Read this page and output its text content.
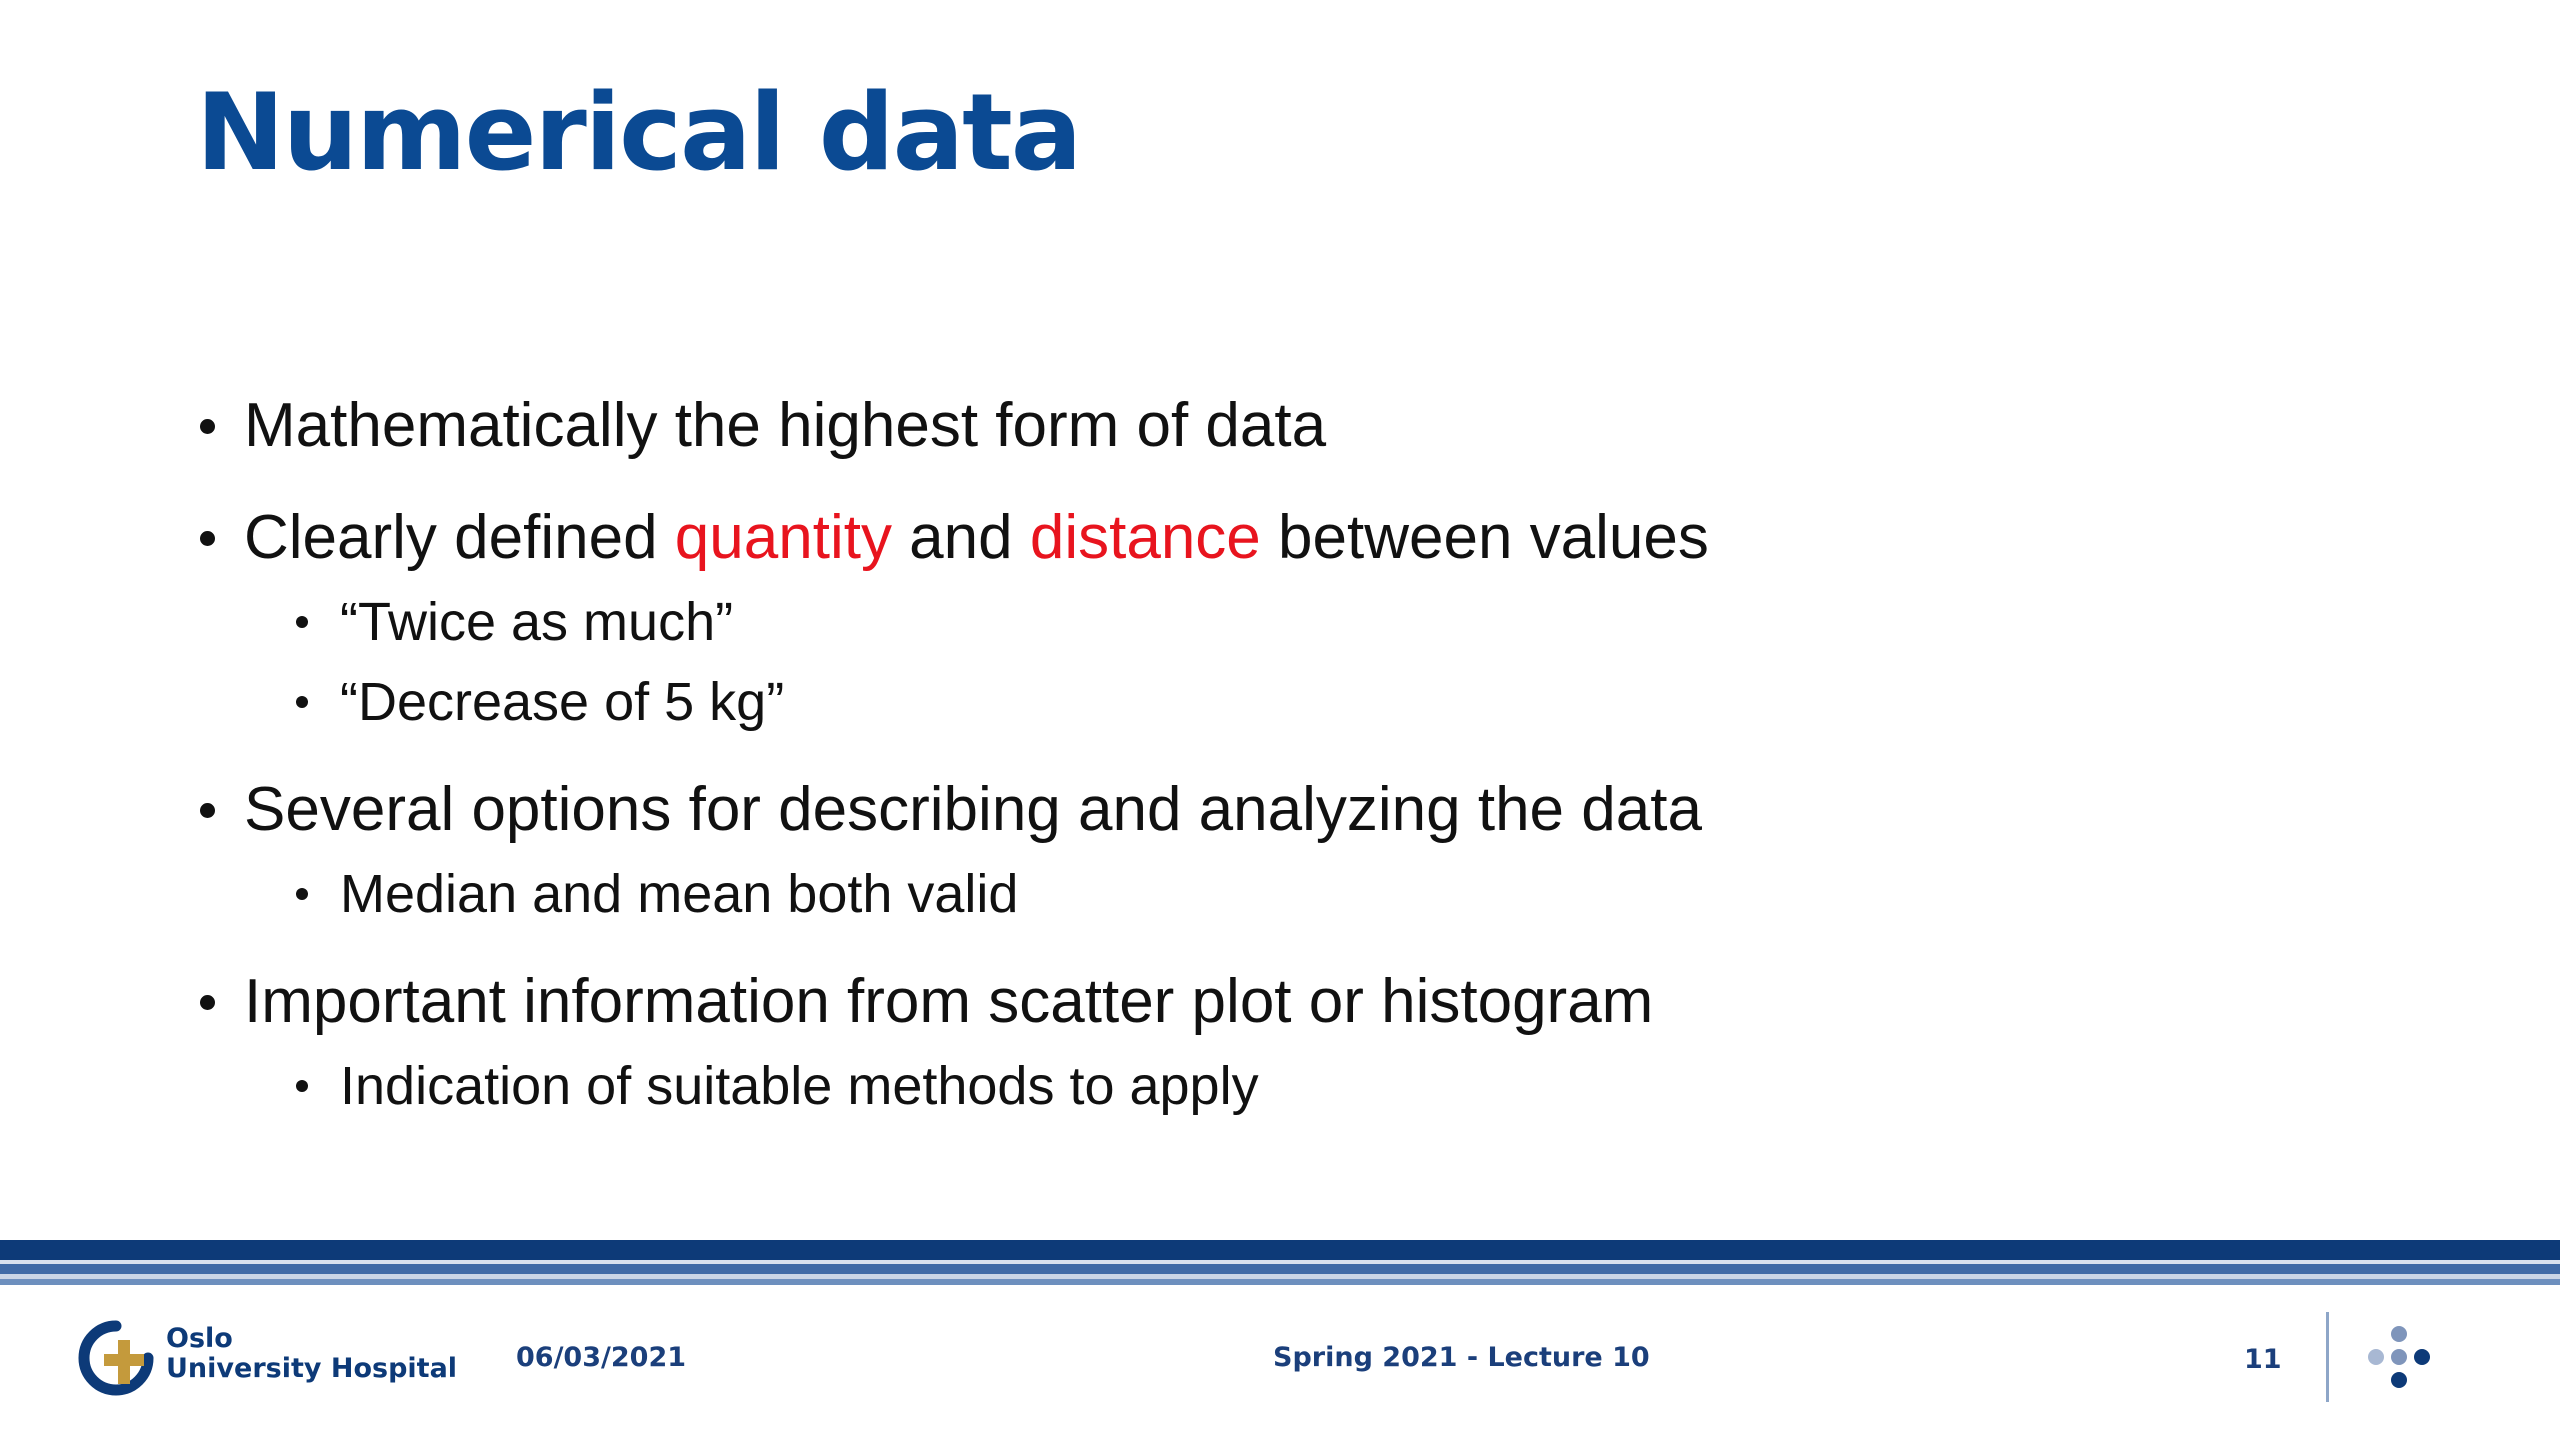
Numerical data
Mathematically the highest form of data
Clearly defined quantity and distance between values
“Twice as much”
“Decrease of 5 kg”
Several options for describing and analyzing the data
Median and mean both valid
Important information from scatter plot or histogram
Indication of suitable methods to apply
Oslo
University Hospital 06/03/2021	Spring 2021 - Lecture 10	11
